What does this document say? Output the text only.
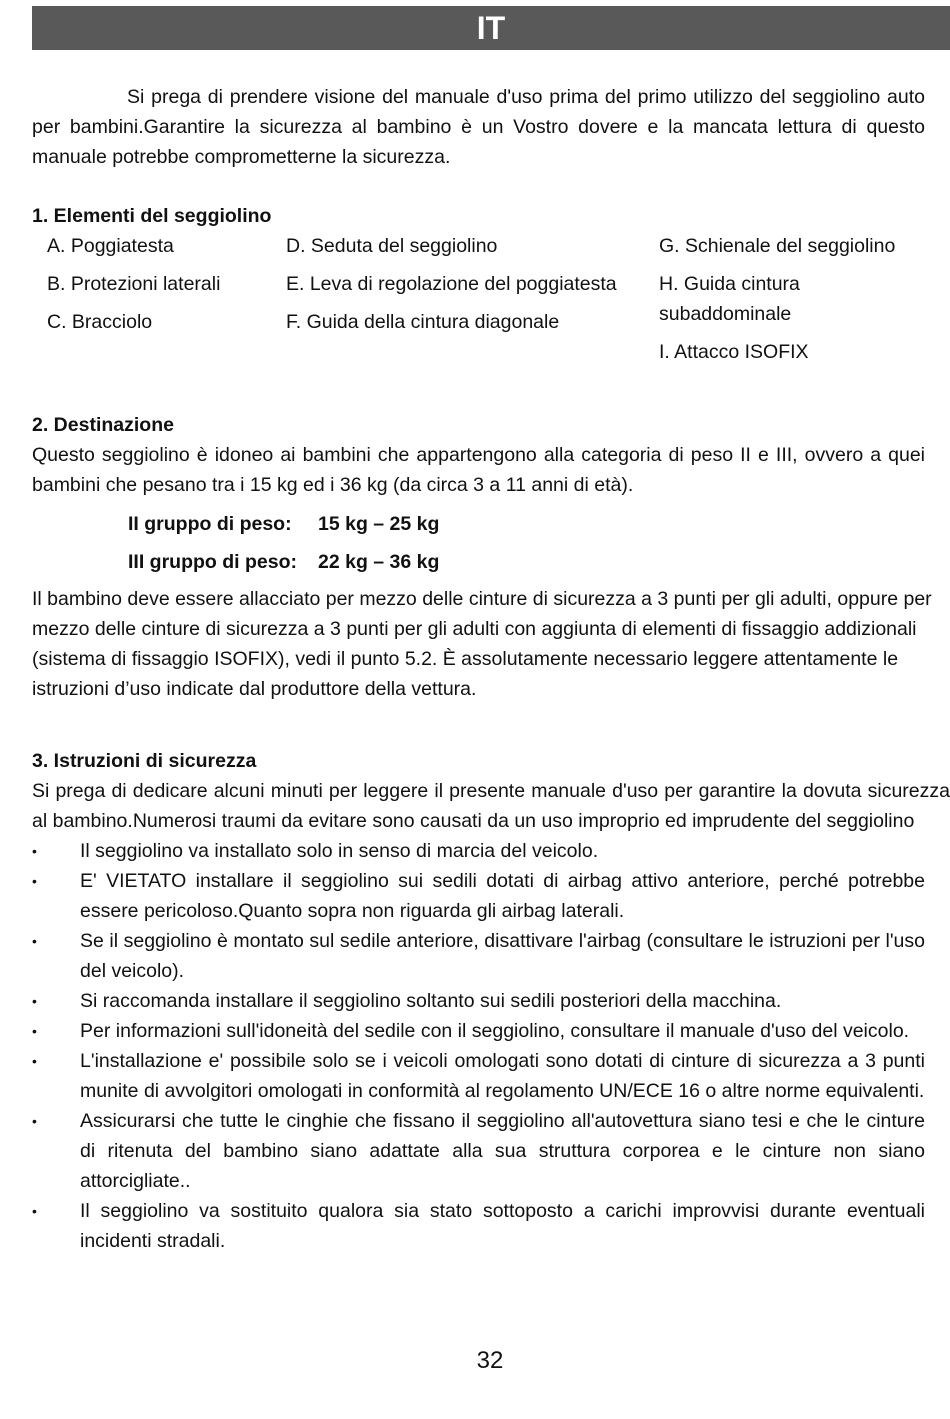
IT

Si prega di prendere visione del manuale d'uso prima del primo utilizzo del seggiolino auto per bambini.Garantire la sicurezza al bambino è un Vostro dovere e la mancata lettura di questo manuale potrebbe comprometterne la sicurezza.

1. Elementi del seggiolino
A. Poggiatesta
B. Protezioni laterali
C. Bracciolo
D. Seduta del seggiolino
E. Leva di regolazione del poggiatesta
F. Guida della cintura diagonale
G. Schienale del seggiolino
H. Guida cintura subaddominale
I. Attacco ISOFIX
2. Destinazione

Questo seggiolino è idoneo ai bambini che appartengono alla categoria di peso II e III, ovvero a quei bambini che pesano tra i 15 kg ed i 36 kg (da circa 3 a 11 anni di età).

II gruppo di peso: 15 kg – 25 kg
III gruppo di peso: 22 kg – 36 kg

Il bambino deve essere allacciato per mezzo delle cinture di sicurezza a 3 punti per gli adulti, oppure per mezzo delle cinture di sicurezza a 3 punti per gli adulti con aggiunta di elementi di fissaggio addizionali (sistema di fissaggio ISOFIX), vedi il punto 5.2. È assolutamente necessario leggere attentamente le istruzioni d’uso indicate dal produttore della vettura.

3. Istruzioni di sicurezza

Si prega di dedicare alcuni minuti per leggere il presente manuale d'uso per garantire la dovuta sicurezza al bambino.Numerosi traumi da evitare sono causati da un uso improprio ed imprudente del seggiolino

• Il seggiolino va installato solo in senso di marcia del veicolo.
• E' VIETATO installare il seggiolino sui sedili dotati di airbag attivo anteriore, perché potrebbe essere pericoloso.Quanto sopra non riguarda gli airbag laterali.
• Se il seggiolino è montato sul sedile anteriore, disattivare l'airbag (consultare le istruzioni per l'uso del veicolo).
• Si raccomanda installare il seggiolino soltanto sui sedili posteriori della macchina.
• Per informazioni sull'idoneità del sedile con il seggiolino, consultare il manuale d'uso del veicolo.
• L'installazione e' possibile solo se i veicoli omologati sono dotati di cinture di sicurezza a 3 punti munite di avvolgitori omologati in conformità al regolamento UN/ECE 16 o altre norme equivalenti.
• Assicurarsi che tutte le cinghie che fissano il seggiolino all'autovettura siano tesi e che le cinture di ritenuta del bambino siano adattate alla sua struttura corporea e le cinture non siano attorcigliate..
• Il seggiolino va sostituito qualora sia stato sottoposto a carichi improvvisi durante eventuali incidenti stradali.
32
